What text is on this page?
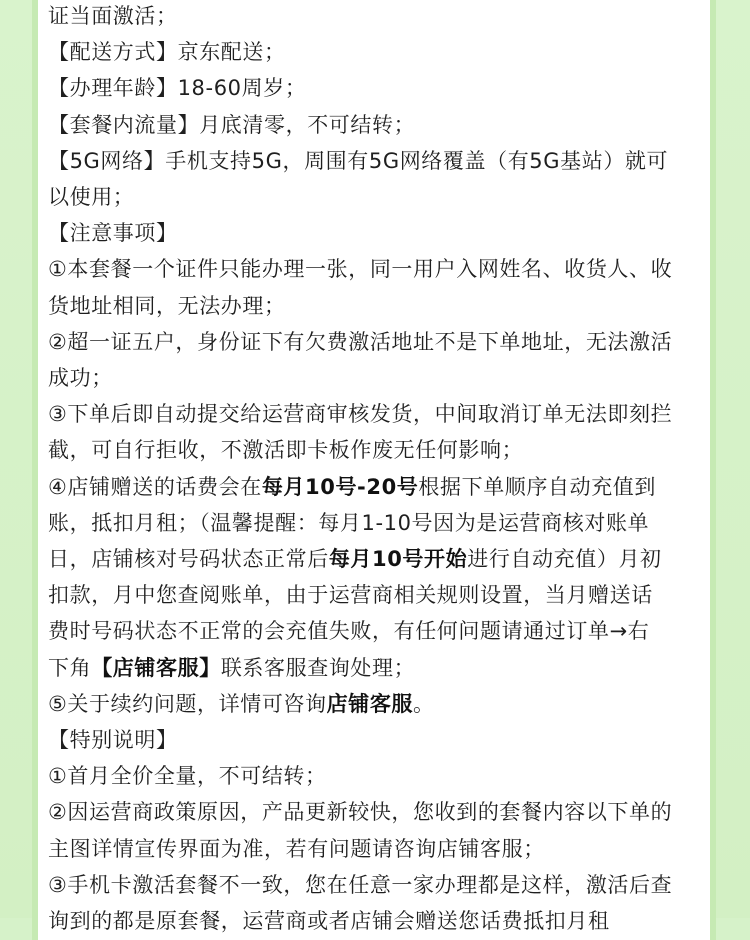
证当面激活；
【配送方式】京东配送；
【办理年龄】18-60周岁；
【套餐内流量】月底清零，不可结转；
【5G网络】手机支持5G，周围有5G网络覆盖（有5G基站）就可
以使用；
【注意事项】
①本套餐一个证件只能办理一张，同一用户入网姓名、收货人、收
货地址相同，无法办理；
②超一证五户，身份证下有欠费激活地址不是下单地址，无法激活
成功；
③下单后即自动提交给运营商审核发货，中间取消订单无法即刻拦
截，可自行拒收，不激活即卡板作废无任何影响；
④店铺赠送的话费会在每月10号-20号根据下单顺序自动充值到
账，抵扣月租；（温馨提醒：每月1-10号因为是运营商核对账单
日，店铺核对号码状态正常后每月10号开始进行自动充值）月初
扣款，月中您查阅账单，由于运营商相关规则设置，当月赠送话
费时号码状态不正常的会充值失败，有任何问题请通过订单→右
下角【店铺客服】联系客服查询处理；
⑤关于续约问题，详情可咨询店铺客服。
【特别说明】
①首月全价全量，不可结转；
②因运营商政策原因，产品更新较快，您收到的套餐内容以下单的
主图详情宣传界面为准，若有问题请咨询店铺客服；
③手机卡激活套餐不一致，您在任意一家办理都是这样，激活后查
询到的都是原套餐，运营商或者店铺会赠送您话费抵扣月租
